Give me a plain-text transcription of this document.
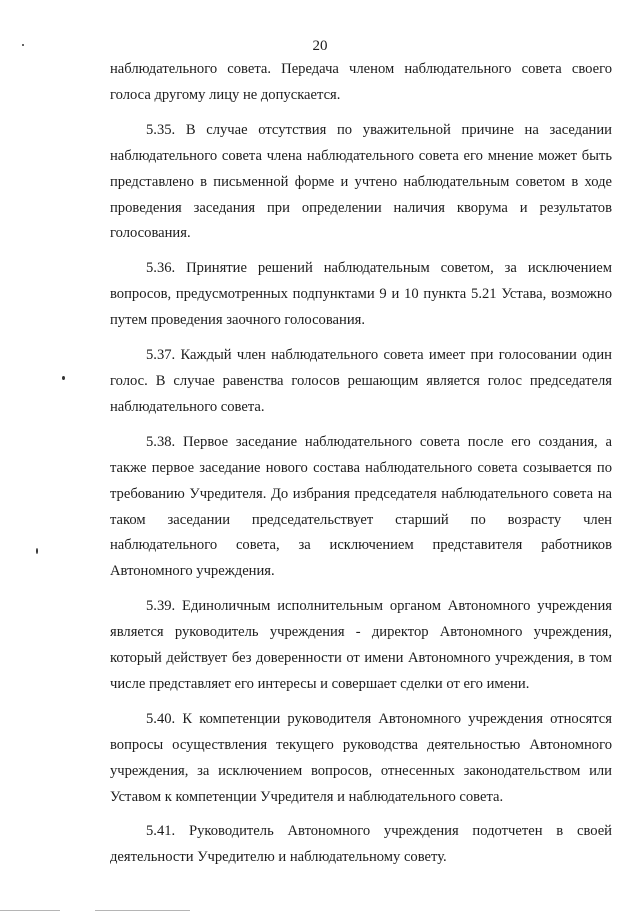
20

наблюдательного совета. Передача членом наблюдательного совета своего голоса другому лицу не допускается.

5.35. В случае отсутствия по уважительной причине на заседании наблюдательного совета члена наблюдательного совета его мнение может быть представлено в письменной форме и учтено наблюдательным советом в ходе проведения заседания при определении наличия кворума и результатов голосования.

5.36. Принятие решений наблюдательным советом, за исключением вопросов, предусмотренных подпунктами 9 и 10 пункта 5.21 Устава, возможно путем проведения заочного голосования.

5.37. Каждый член наблюдательного совета имеет при голосовании один голос. В случае равенства голосов решающим является голос председателя наблюдательного совета.

5.38. Первое заседание наблюдательного совета после его создания, а также первое заседание нового состава наблюдательного совета созывается по требованию Учредителя. До избрания председателя наблюдательного совета на таком заседании председательствует старший по возрасту член наблюдательного совета, за исключением представителя работников Автономного учреждения.

5.39. Единоличным исполнительным органом Автономного учреждения является руководитель учреждения - директор Автономного учреждения, который действует без доверенности от имени Автономного учреждения, в том числе представляет его интересы и совершает сделки от его имени.

5.40. К компетенции руководителя Автономного учреждения относятся вопросы осуществления текущего руководства деятельностью Автономного учреждения, за исключением вопросов, отнесенных законодательством или Уставом к компетенции Учредителя и наблюдательного совета.

5.41. Руководитель Автономного учреждения подотчетен в своей деятельности Учредителю и наблюдательному совету.
